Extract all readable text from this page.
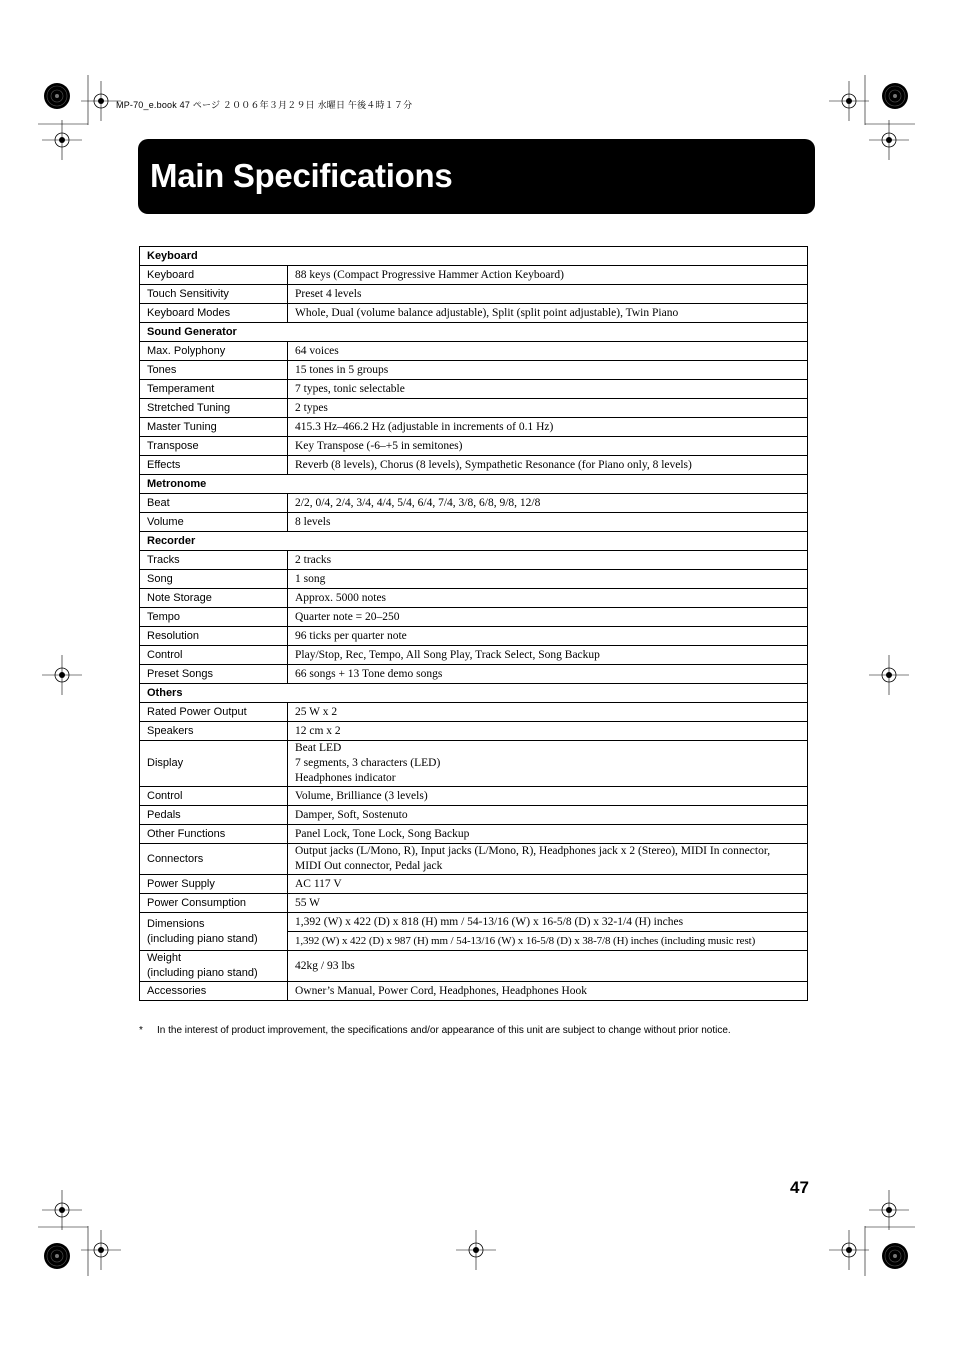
MP-70_e.book 47 ページ ２００６年３月２９日 水曜日 午後４時１７分
Main Specifications
Keyboard	
Keyboard	88 keys (Compact Progressive Hammer Action Keyboard)
Touch Sensitivity	Preset 4 levels
Keyboard Modes	Whole, Dual (volume balance adjustable), Split (split point adjustable), Twin Piano
Sound Generator	
Max. Polyphony	64 voices
Tones	15 tones in 5 groups
Temperament	7 types, tonic selectable
Stretched Tuning	2 types
Master Tuning	415.3 Hz–466.2 Hz (adjustable in increments of 0.1 Hz)
Transpose	Key Transpose (-6–+5 in semitones)
Effects	Reverb (8 levels), Chorus (8 levels), Sympathetic Resonance (for Piano only, 8 levels)
Metronome	
Beat	2/2, 0/4, 2/4, 3/4, 4/4, 5/4, 6/4, 7/4, 3/8, 6/8, 9/8, 12/8
Volume	8 levels
Recorder	
Tracks	2 tracks
Song	1 song
Note Storage	Approx. 5000 notes
Tempo	Quarter note = 20–250
Resolution	96 ticks per quarter note
Control	Play/Stop, Rec, Tempo, All Song Play, Track Select, Song Backup
Preset Songs	66 songs + 13 Tone demo songs
Others	
Rated Power Output	25 W x 2
Speakers	12 cm x 2
Display	Beat LED
7 segments, 3 characters (LED)
Headphones indicator

Control	Volume, Brilliance (3 levels)
Pedals	Damper, Soft, Sostenuto
Other Functions	Panel Lock, Tone Lock, Song Backup
Connectors	Output jacks (L/Mono, R), Input jacks (L/Mono, R), Headphones jack x 2 (Stereo), MIDI In connector,
MIDI Out connector, Pedal jack

Power Supply	AC 117 V
Power Consumption	55 W

Dimensions
(including piano stand)	1,392 (W) x 422 (D) x 818 (H) mm / 54-13/16 (W) x 16-5/8 (D) x 32-1/4 (H) inches
	1,392 (W) x 422 (D) x 987 (H) mm / 54-13/16 (W) x 16-5/8 (D) x 38-7/8 (H) inches (including music rest)

Weight
(including piano stand)	42kg / 93 lbs
Accessories	Owner’s Manual, Power Cord, Headphones, Headphones Hook
* In the interest of product improvement, the specifications and/or appearance of this unit are subject to change without prior notice.
47
